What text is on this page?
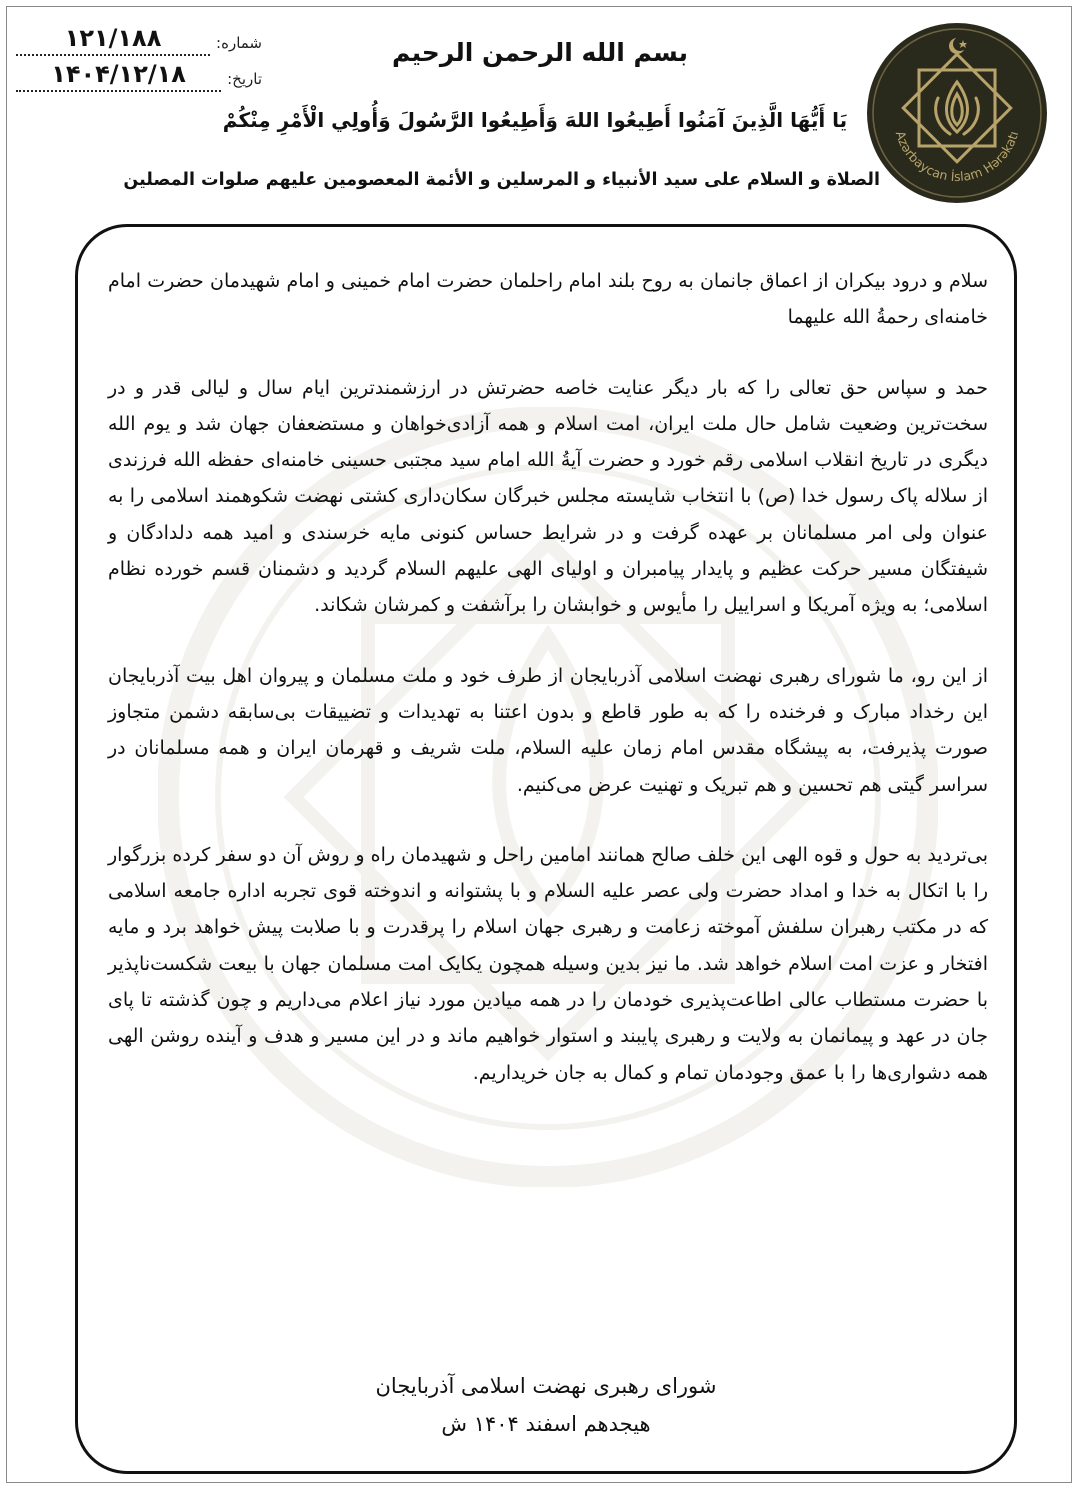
شماره:
۱۲۱/۱۸۸
تاریخ:
۱۴۰۴/۱۲/۱۸
بسم الله الرحمن الرحيم
يَا أَيُّهَا الَّذِينَ آمَنُوا أَطِيعُوا اللهَ وَأَطِيعُوا الرَّسُولَ وَأُولِي الْأَمْرِ مِنْكُمْ
الصلاة و السلام على سيد الأنبياء و المرسلين و الأئمة المعصومين عليهم صلوات المصلين
Azərbaycan İslam Hərəkatı

سلام و درود بیکران از اعماق جانمان به روح بلند امام راحلمان حضرت امام خمینی و امام شهیدمان حضرت امام خامنه‌ای رحمةُ الله علیهما

حمد و سپاس حق تعالی را که بار دیگر عنایت خاصه حضرتش در ارزشمندترین ایام سال و لیالی قدر و در سخت‌ترین وضعیت شامل حال ملت ایران، امت اسلام و همه آزادی‌خواهان و مستضعفان جهان شد و یوم الله دیگری در تاریخ انقلاب اسلامی رقم خورد و حضرت آیةُ الله امام سید مجتبی حسینی خامنه‌ای حفظه الله فرزندی از سلاله پاک رسول خدا (ص) با انتخاب شایسته مجلس خبرگان سکان‌داری کشتی نهضت شکوهمند اسلامی را به عنوان ولی امر مسلمانان بر عهده گرفت و در شرایط حساس کنونی مایه خرسندی و امید همه دلدادگان و شیفتگان مسیر حرکت عظیم و پایدار پیامبران و اولیای الهی علیهم السلام گردید و دشمنان قسم خورده نظام اسلامی؛ به ویژه آمریکا و اسراییل را مأیوس و خوابشان را برآشفت و کمرشان شکاند.

از این رو، ما شورای رهبری نهضت اسلامی آذربایجان از طرف خود و ملت مسلمان و پیروان اهل بیت آذربایجان این رخداد مبارک و فرخنده را که به طور قاطع و بدون اعتنا به تهدیدات و تضییقات بی‌سابقه دشمن متجاوز صورت پذیرفت، به پیشگاه مقدس امام زمان علیه السلام، ملت شریف و قهرمان ایران و همه مسلمانان در سراسر گیتی هم تحسین و هم تبریک و تهنیت عرض می‌کنیم.

بی‌تردید به حول و قوه الهی این خلف صالح همانند امامین راحل و شهیدمان راه و روش آن دو سفر کرده بزرگوار را با اتکال به خدا و امداد حضرت ولی عصر علیه السلام و با پشتوانه و اندوخته قوی تجربه اداره جامعه اسلامی که در مکتب رهبران سلفش آموخته زعامت و رهبری جهان اسلام را پرقدرت و با صلابت پیش خواهد برد و مایه افتخار و عزت امت اسلام خواهد شد. ما نیز بدین وسیله همچون یکایک امت مسلمان جهان با بیعت شکست‌ناپذیر با حضرت مستطاب عالی اطاعت‌پذیری خودمان را در همه میادین مورد نیاز اعلام می‌داریم و چون گذشته تا پای جان در عهد و پیمانمان به ولایت و رهبری پایبند و استوار خواهیم ماند و در این مسیر و هدف و آینده روشن الهی همه دشواری‌ها را با عمق وجودمان تمام و کمال به جان خریداریم.

شورای رهبری نهضت اسلامی آذربایجان
هیجدهم اسفند ۱۴۰۴ ش
